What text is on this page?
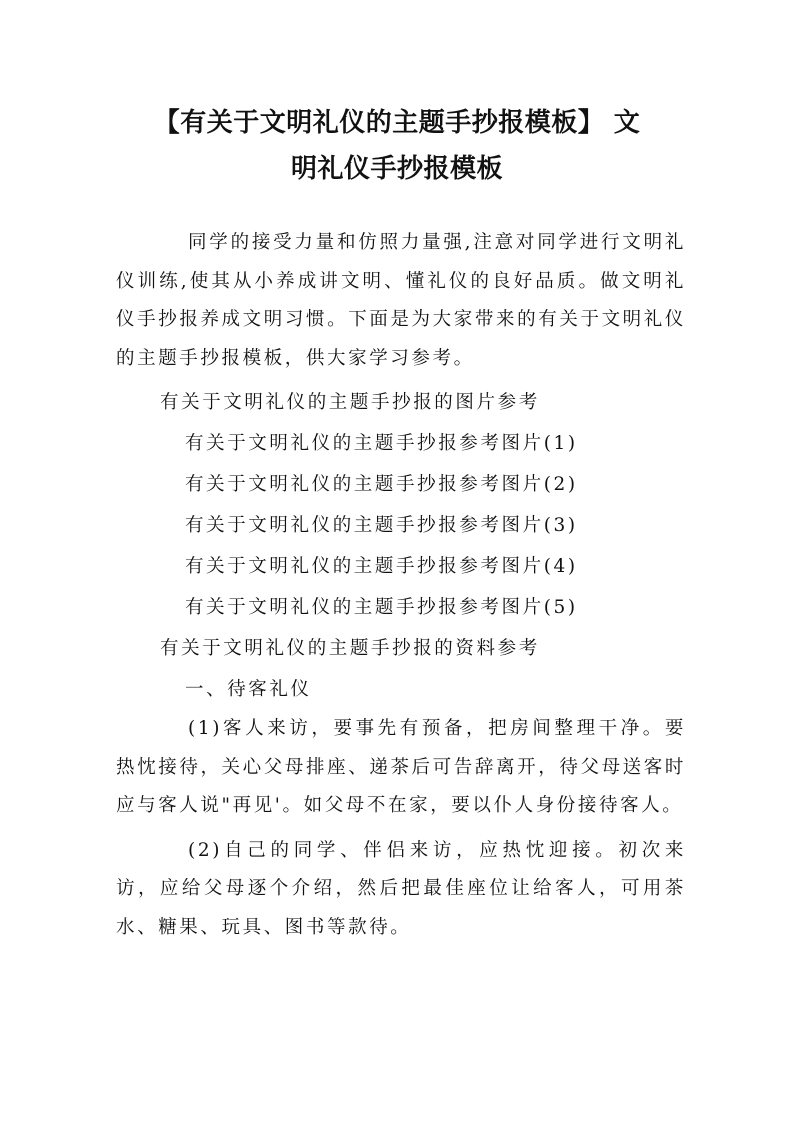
【有关于文明礼仪的主题手抄报模板】 文
明礼仪手抄报模板

同学的接受力量和仿照力量强,注意对同学进行文明礼仪训练,使其从小养成讲文明、懂礼仪的良好品质。做文明礼仪手抄报养成文明习惯。下面是为大家带来的有关于文明礼仪的主题手抄报模板，供大家学习参考。

有关于文明礼仪的主题手抄报的图片参考

有关于文明礼仪的主题手抄报参考图片(1)

有关于文明礼仪的主题手抄报参考图片(2)

有关于文明礼仪的主题手抄报参考图片(3)

有关于文明礼仪的主题手抄报参考图片(4)

有关于文明礼仪的主题手抄报参考图片(5)

有关于文明礼仪的主题手抄报的资料参考

一、待客礼仪

(1)客人来访，要事先有预备，把房间整理干净。要热忱接待，关心父母排座、递茶后可告辞离开，待父母送客时应与客人说"再见'。如父母不在家，要以仆人身份接待客人。

(2)自己的同学、伴侣来访，应热忱迎接。初次来访，应给父母逐个介绍，然后把最佳座位让给客人，可用茶水、糖果、玩具、图书等款待。
